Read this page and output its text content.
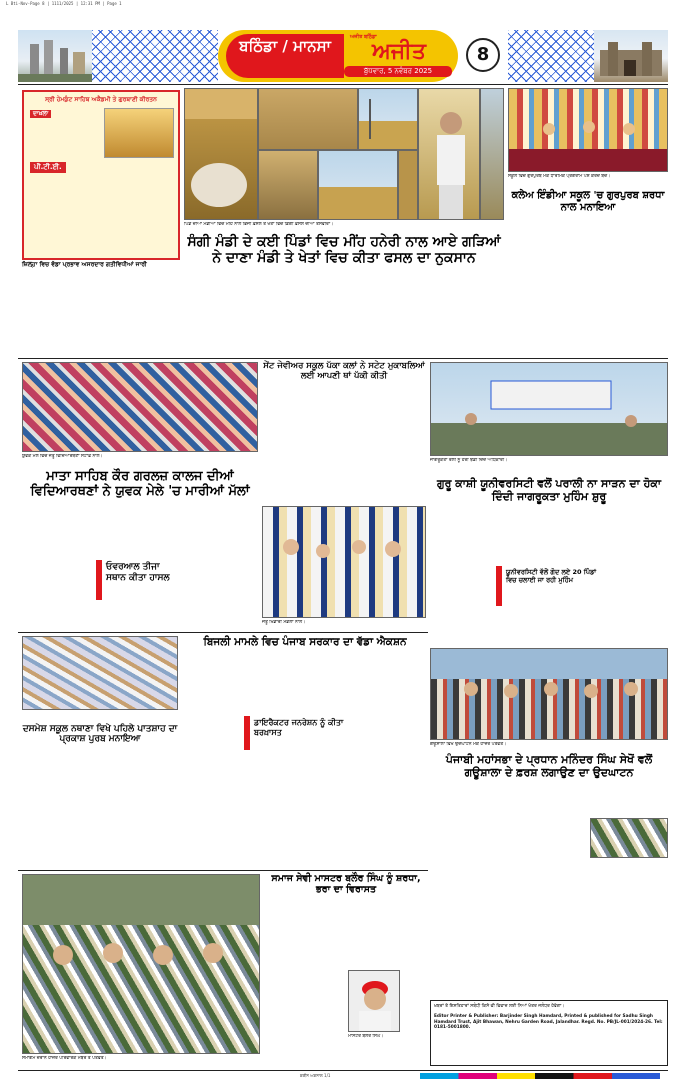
L Bti-Nov-Page 8 | 1111/2025 | 12:31 PM | Page 1
ਬਠਿੰਡਾ / ਮਾਨਸਾ	ਅਜੀਤ ਬਠਿੰਡਾ
ਅਜੀਤ
ਬੁੱਧਵਾਰ, 5 ਨਵੰਬਰ 2025
8
ਸ੍ਰੀ ਹੇਮਕੁੰਟ ਸਾਹਿਬ ਅਕੈਡਮੀ ਤੇ ਗੁਰਬਾਣੀ ਕੀਰਤਨ
ਦਾਖ਼ਲਾ
ਪੀ.ਟੀ.ਈ.
ਪਿੰਡ ਦੀਆਂ ਮੰਡੀਆਂ ਵਿਚ ਮੀਂਹ ਨਾਲ ਭਿੱਜੀ ਫ਼ਸਲ ਤੇ ਖੇਤਾਂ ਵਿਚ ਡਿੱਗੀ ਫ਼ਸਲ ਦੀਆਂ ਤਸਵੀਰਾਂ।
ਸਕੂਲ ਵਿਚ ਗੁਰਪੁਰਬ ਮੌਕੇ ਧਾਰਮਿਕ ਪ੍ਰੋਗਰਾਮ ਪੇਸ਼ ਕਰਦੇ ਬੱਚੇ।
ਕਲੇਅ ਇੰਡੀਆ ਸਕੂਲ 'ਚ ਗੁਰਪੁਰਬ ਸ਼ਰਧਾ ਨਾਲ ਮਨਾਇਆ
ਜ਼ਿਲ੍ਹਾ ਵਿਚ ਵੱਡਾ ਪ੍ਰਭਾਵ ਅਸਰਦਾਰ ਗਤੀਵਿਧੀਆਂ ਜਾਰੀ
ਸੰਗੀ ਮੰਡੀ ਦੇ ਕਈ ਪਿੰਡਾਂ ਵਿਚ ਮੀਂਹ ਹਨੇਰੀ ਨਾਲ ਆਏ ਗੜਿਆਂ ਨੇ ਦਾਣਾ ਮੰਡੀ ਤੇ ਖੇਤਾਂ ਵਿਚ ਕੀਤਾ ਫਸਲ ਦਾ ਨੁਕਸਾਨ
ਯੁਵਕ ਮੇਲੇ ਵਿਚ ਜੇਤੂ ਵਿਦਿਆਰਥਣਾਂ ਸਟਾਫ਼ ਨਾਲ।
ਮਾਤਾ ਸਾਹਿਬ ਕੌਰ ਗਰਲਜ਼ ਕਾਲਜ ਦੀਆਂ ਵਿਦਿਆਰਥਣਾਂ ਨੇ ਯੁਵਕ ਮੇਲੇ 'ਚ ਮਾਰੀਆਂ ਮੱਲਾਂ
ਓਵਰਆਲ ਤੀਜਾ ਸਥਾਨ ਕੀਤਾ ਹਾਸਲ
ਸੇਂਟ ਜੇਵੀਅਰ ਸਕੂਲ ਪੱਕਾ ਕਲਾਂ ਨੇ ਸਟੇਟ ਮੁਕਾਬਲਿਆਂ ਲਈ ਆਪਣੀ ਥਾਂ ਪੱਕੀ ਕੀਤੀ
ਜੇਤੂ ਖਿਡਾਰੀ ਮੈਡਲਾਂ ਨਾਲ।
ਜਾਗਰੂਕਤਾ ਰੈਲੀ ਨੂੰ ਹਰੀ ਝੰਡੀ ਦਿੰਦੇ ਅਧਿਕਾਰੀ।
ਗੁਰੂ ਕਾਸ਼ੀ ਯੂਨੀਵਰਸਿਟੀ ਵਲੋਂ ਪਰਾਲੀ ਨਾ ਸਾੜਨ ਦਾ ਹੋਕਾ ਦਿੰਦੀ ਜਾਗਰੂਕਤਾ ਮੁਹਿੰਮ ਸ਼ੁਰੂ
ਯੂਨੀਵਰਸਿਟੀ ਵੱਲੋਂ ਗੋਦ ਲਏ 20 ਪਿੰਡਾਂ ਵਿਚ ਚਲਾਈ ਜਾ ਰਹੀ ਮੁਹਿੰਮ
ਦਸਮੇਸ਼ ਸਕੂਲ ਨਥਾਣਾ ਵਿਖੇ ਪਹਿਲੇ ਪਾਤਸ਼ਾਹ ਦਾ ਪ੍ਰਕਾਸ਼ ਪੁਰਬ ਮਨਾਇਆ
ਬਿਜਲੀ ਮਾਮਲੇ ਵਿਚ ਪੰਜਾਬ ਸਰਕਾਰ ਦਾ ਵੱਡਾ ਐਕਸ਼ਨ
ਡਾਇਰੈਕਟਰ ਜਨਰੇਸ਼ਨ ਨੂੰ ਕੀਤਾ ਬਰਖ਼ਾਸਤ
ਗਊਸ਼ਾਲਾ ਵਿਖੇ ਉਦਘਾਟਨ ਮੌਕੇ ਹਾਜ਼ਰ ਪਤਵੰਤੇ।
ਪੰਜਾਬੀ ਮਹਾਂਸਭਾ ਦੇ ਪ੍ਰਧਾਨ ਮਨਿੰਦਰ ਸਿੰਘ ਸੇਖੋਂ ਵਲੋਂ ਗਊਸ਼ਾਲਾ ਦੇ ਫ਼ਰਸ਼ ਲਗਾਉਣ ਦਾ ਉਦਘਾਟਨ
ਸਮਾਗਮ ਦੌਰਾਨ ਹਾਜ਼ਰ ਪਰਿਵਾਰਕ ਮੈਂਬਰ ਤੇ ਪਤਵੰਤੇ।
ਸਮਾਜ ਸੇਵੀ ਮਾਸਟਰ ਬਲੌਰ ਸਿੰਘ ਨੂੰ ਸ਼ਰਧਾ, ਭਰਾ ਦਾ ਵਿਰਾਸਤ
ਮਾਸਟਰ ਬਲੌਰ ਸਿੰਘ।
ਖ਼ਬਰਾਂ ਤੇ ਇਸ਼ਤਿਹਾਰਾਂ ਸਬੰਧੀ ਕਿਸੇ ਵੀ ਵਿਵਾਦ ਲਈ ਨਿਆਂ ਖੇਤਰ ਜਲੰਧਰ ਹੋਵੇਗਾ।
Editor Printer & Publisher: Barjinder Singh Hamdard, Printed & published for Sadhu Singh Hamdard Trust, Ajit Bhawan, Nehru Garden Road, Jalandhar. Regd. No. PB/JL-001/2024-26. Tel: 0181-5001800.
ਕਰੀਨ ਅਗਨਾਲ 1/1
